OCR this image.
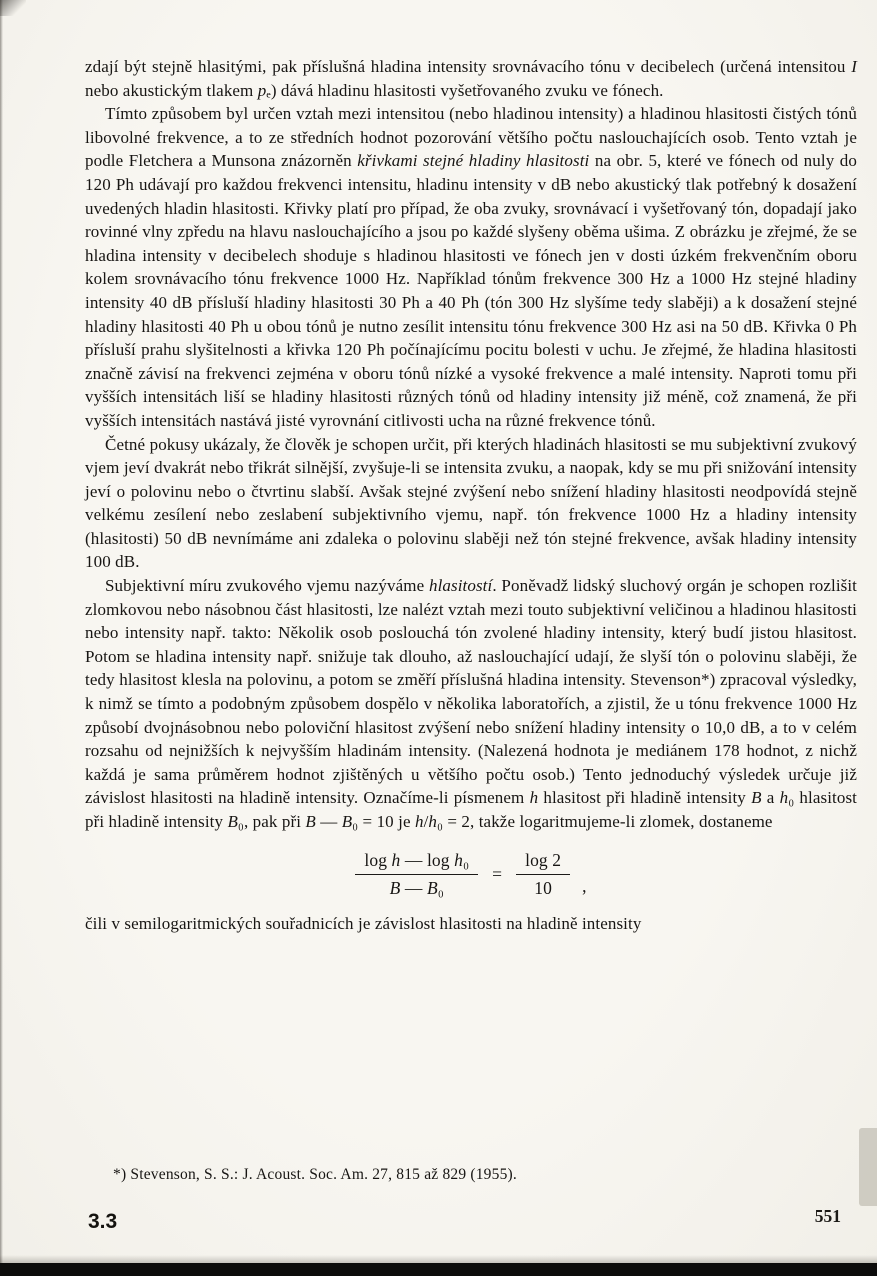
zdají být stejně hlasitými, pak příslušná hladina intensity srovnávacího tónu v decibelech (určená intensitou I nebo akustickým tlakem pₑ) dává hladinu hlasitosti vyšetřovaného zvuku ve fónech.

Tímto způsobem byl určen vztah mezi intensitou (nebo hladinou intensity) a hladinou hlasitosti čistých tónů libovolné frekvence, a to ze středních hodnot pozorování většího počtu naslouchajících osob. Tento vztah je podle Fletchera a Munsona znázorněn křivkami stejné hladiny hlasitosti na obr. 5, které ve fónech od nuly do 120 Ph udávají pro každou frekvenci intensitu, hladinu intensity v dB nebo akustický tlak potřebný k dosažení uvedených hladin hlasitosti. Křivky platí pro případ, že oba zvuky, srovnávací i vyšetřovaný tón, dopadají jako rovinné vlny zpředu na hlavu naslouchajícího a jsou po každé slyšeny oběma ušima. Z obrázku je zřejmé, že se hladina intensity v decibelech shoduje s hladinou hlasitosti ve fónech jen v dosti úzkém frekvenčním oboru kolem srovnávacího tónu frekvence 1000 Hz. Například tónům frekvence 300 Hz a 1000 Hz stejné hladiny intensity 40 dB přísluší hladiny hlasitosti 30 Ph a 40 Ph (tón 300 Hz slyšíme tedy slaběji) a k dosažení stejné hladiny hlasitosti 40 Ph u obou tónů je nutno zesílit intensitu tónu frekvence 300 Hz asi na 50 dB. Křivka 0 Ph přísluší prahu slyšitelnosti a křivka 120 Ph počínajícímu pocitu bolesti v uchu. Je zřejmé, že hladina hlasitosti značně závisí na frekvenci zejména v oboru tónů nízké a vysoké frekvence a malé intensity. Naproti tomu při vyšších intensitách liší se hladiny hlasitosti různých tónů od hladiny intensity již méně, což znamená, že při vyšších intensitách nastává jisté vyrovnání citlivosti ucha na různé frekvence tónů.

Četné pokusy ukázaly, že člověk je schopen určit, při kterých hladinách hlasitosti se mu subjektivní zvukový vjem jeví dvakrát nebo třikrát silnější, zvyšuje-li se intensita zvuku, a naopak, kdy se mu při snižování intensity jeví o polovinu nebo o čtvrtinu slabší. Avšak stejné zvýšení nebo snížení hladiny hlasitosti neodpovídá stejně velkému zesílení nebo zeslabení subjektivního vjemu, např. tón frekvence 1000 Hz a hladiny intensity (hlasitosti) 50 dB nevnímáme ani zdaleka o polovinu slaběji než tón stejné frekvence, avšak hladiny intensity 100 dB.

Subjektivní míru zvukového vjemu nazýváme hlasitostí. Poněvadž lidský sluchový orgán je schopen rozlišit zlomkovou nebo násobnou část hlasitosti, lze nalézt vztah mezi touto subjektivní veličinou a hladinou hlasitosti nebo intensity např. takto: Několik osob poslouchá tón zvolené hladiny intensity, který budí jistou hlasitost. Potom se hladina intensity např. snižuje tak dlouho, až naslouchající udají, že slyší tón o polovinu slaběji, že tedy hlasitost klesla na polovinu, a potom se změří příslušná hladina intensity. Stevenson*) zpracoval výsledky, k nimž se tímto a podobným způsobem dospělo v několika laboratořích, a zjistil, že u tónu frekvence 1000 Hz způsobí dvojnásobnou nebo poloviční hlasitost zvýšení nebo snížení hladiny intensity o 10,0 dB, a to v celém rozsahu od nejnižších k nejvyšším hladinám intensity. (Nalezená hodnota je mediánem 178 hodnot, z nichž každá je sama průměrem hodnot zjištěných u většího počtu osob.) Tento jednoduchý výsledek určuje již závislost hlasitosti na hladině intensity. Označíme-li písmenem h hlasitost při hladině intensity B a h₀ hlasitost při hladině intensity B₀, pak při B — B₀ = 10 je h/h₀ = 2, takže logaritmujeme-li zlomek, dostaneme

$\frac{\text{log h — log h₀}}{\text{B — B₀}} = \frac{\log 2}{10}$ ,

čili v semilogaritmických souřadnicích je závislost hlasitosti na hladině intensity

*) Stevenson, S. S.: J. Acoust. Soc. Am. 27, 815 až 829 (1955).
3.3	551
